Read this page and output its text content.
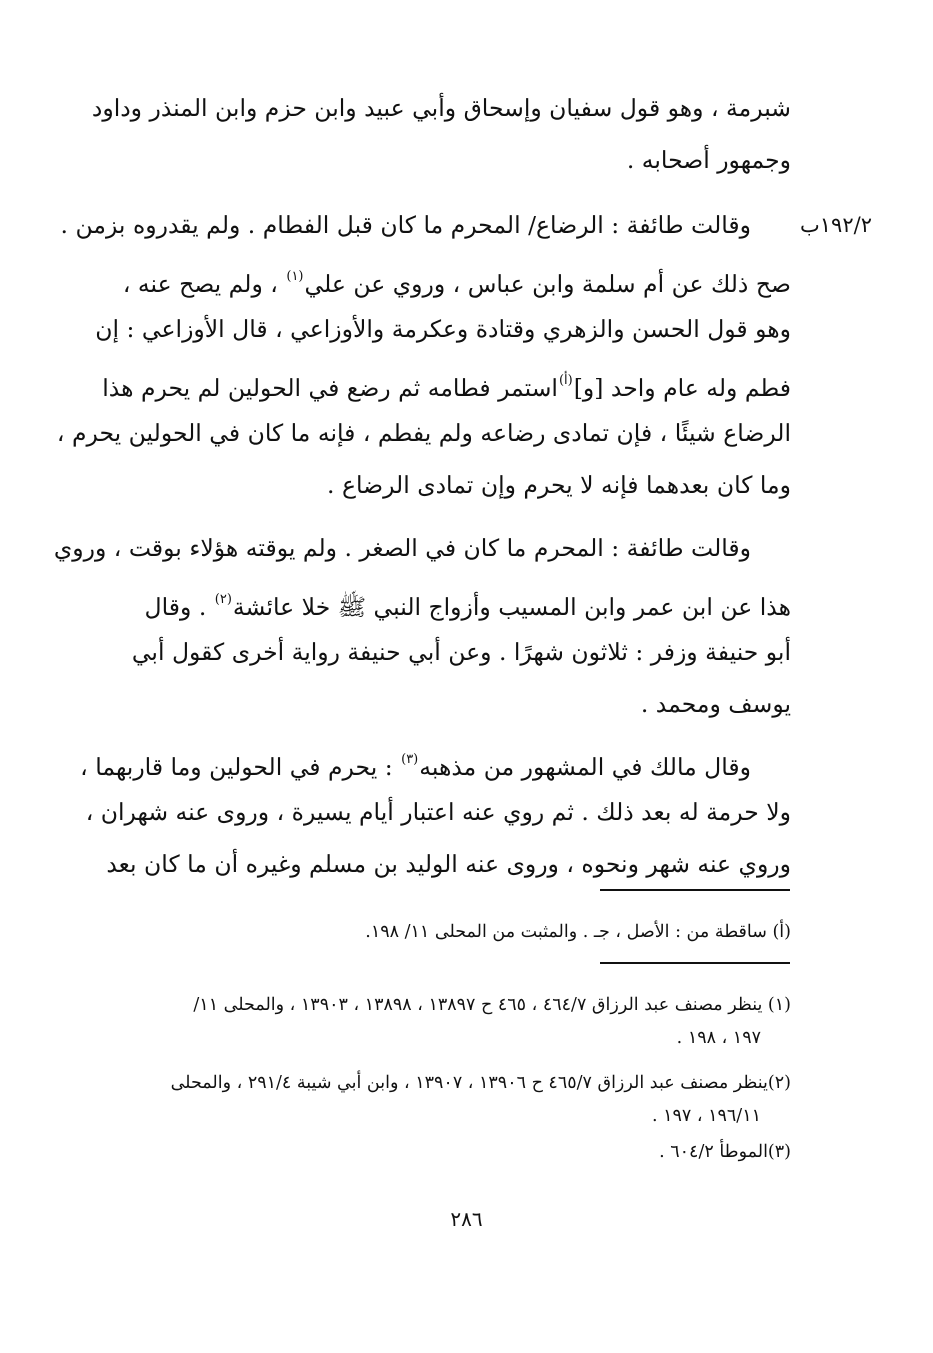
١٩٢/٢ب
شبرمة ، وهو قول سفيان وإسحاق وأبي عبيد وابن حزم وابن المنذر وداود
وجمهور أصحابه .
وقالت طائفة : الرضاع/ المحرم ما كان قبل الفطام . ولم يقدروه بزمن .
صح ذلك عن أم سلمة وابن عباس ، وروي عن علي$^{(١)}$ ، ولم يصح عنه ،
وهو قول الحسن والزهري وقتادة وعكرمة والأوزاعي ، قال الأوزاعي : إن
فطم وله عام واحد [و]$^{(أ)}$استمر فطامه ثم رضع في الحولين لم يحرم هذا
الرضاع شيئًا ، فإن تمادى رضاعه ولم يفطم ، فإنه ما كان في الحولين يحرم ،
وما كان بعدهما فإنه لا يحرم وإن تمادى الرضاع .
وقالت طائفة : المحرم ما كان في الصغر . ولم يوقته هؤلاء بوقت ، وروي
هذا عن ابن عمر وابن المسيب وأزواج النبي ﷺ خلا عائشة$^{(٢)}$ . وقال
أبو حنيفة وزفر : ثلاثون شهرًا . وعن أبي حنيفة رواية أخرى كقول أبي
يوسف ومحمد .
وقال مالك في المشهور من مذهبه$^{(٣)}$ : يحرم في الحولين وما قاربهما ،
ولا حرمة له بعد ذلك . ثم روي عنه اعتبار أيام يسيرة ، وروى عنه شهران ،
وروي عنه شهر ونحوه ، وروى عنه الوليد بن مسلم وغيره أن ما كان بعد
(أ) ساقطة من : الأصل ، جـ . والمثبت من المحلى ١١/ ١٩٨.
(١) ينظر مصنف عبد الرزاق ٤٦٤/٧ ، ٤٦٥ ح ١٣٨٩٧ ، ١٣٨٩٨ ، ١٣٩٠٣ ، والمحلى ١١/
١٩٧ ، ١٩٨ .
(٢)ينظر مصنف عبد الرزاق ٤٦٥/٧ ح ١٣٩٠٦ ، ١٣٩٠٧ ، وابن أبي شيبة ٢٩١/٤ ، والمحلى
١٩٦/١١ ، ١٩٧ .
(٣)الموطأ ٦٠٤/٢ .
٢٨٦
